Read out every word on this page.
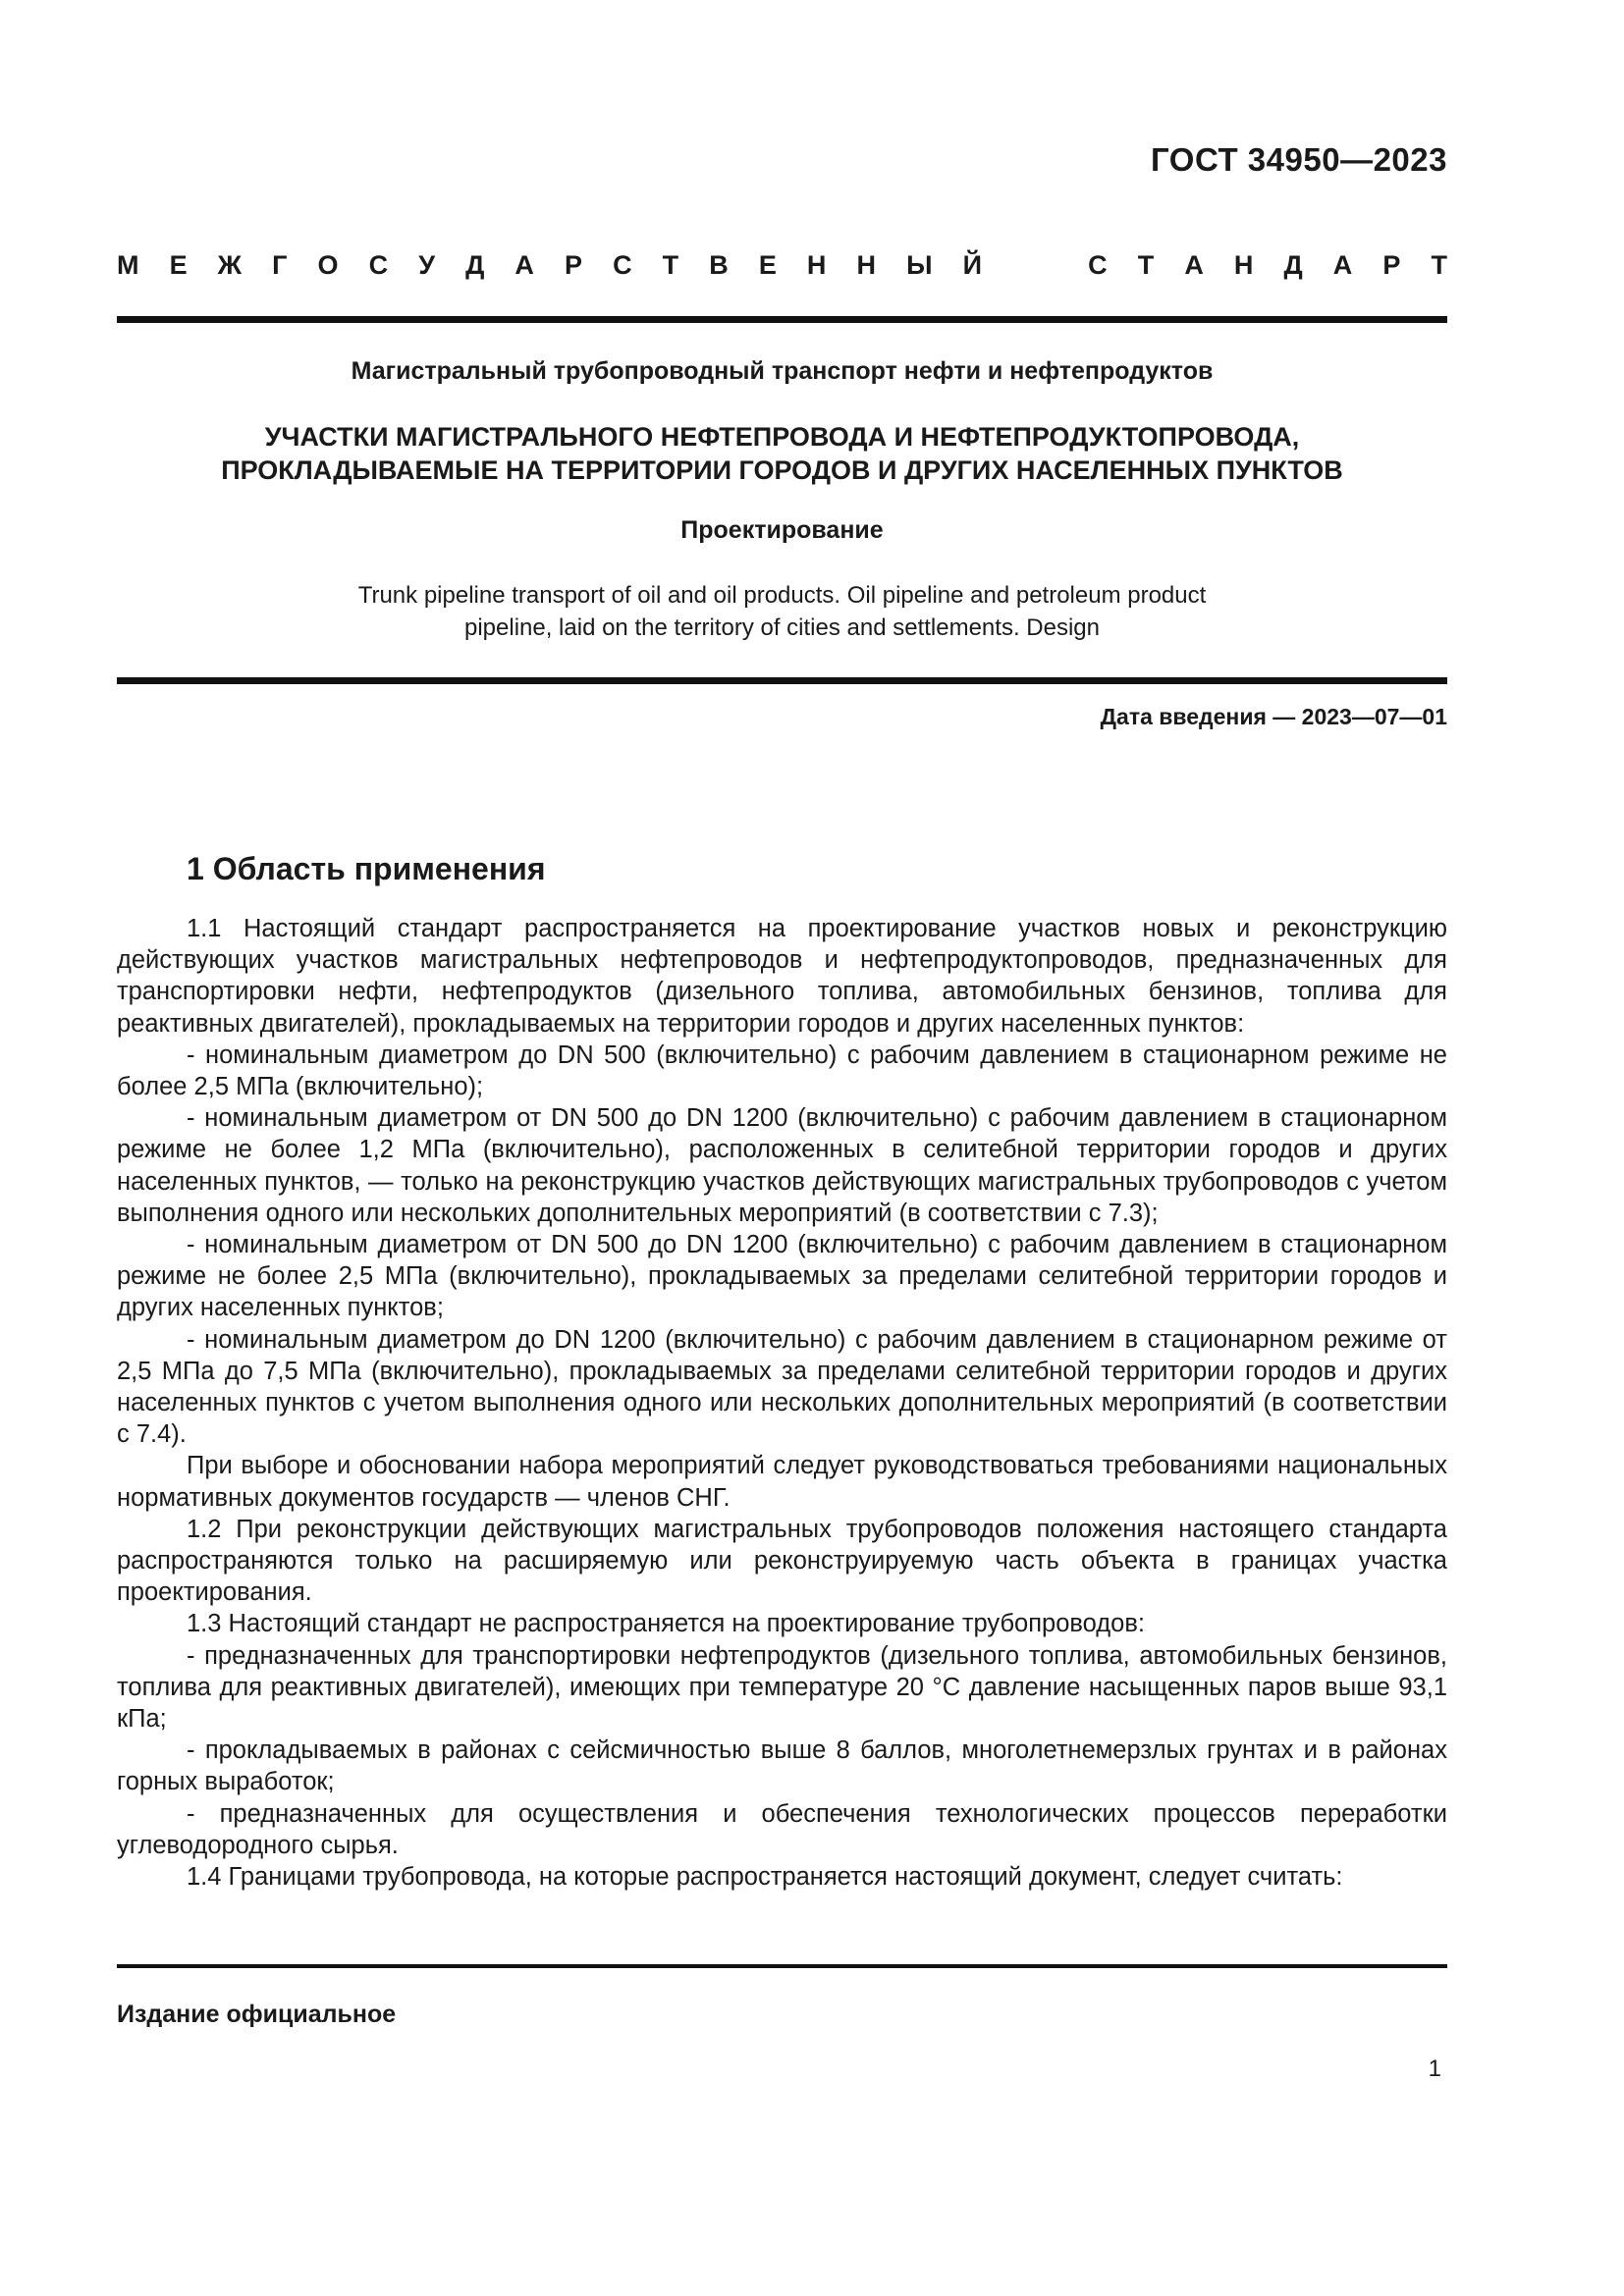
ГОСТ 34950—2023
М Е Ж Г О С У Д А Р С Т В Е Н Н Ы Й	С Т А Н Д А Р Т
Магистральный трубопроводный транспорт нефти и нефтепродуктов
УЧАСТКИ МАГИСТРАЛЬНОГО НЕФТЕПРОВОДА И НЕФТЕПРОДУКТОПРОВОДА,
ПРОКЛАДЫВАЕМЫЕ НА ТЕРРИТОРИИ ГОРОДОВ И ДРУГИХ НАСЕЛЕННЫХ ПУНКТОВ
Проектирование
Trunk pipeline transport of oil and oil products. Oil pipeline and petroleum product
pipeline, laid on the territory of cities and settlements. Design
Дата введения — 2023—07—01
1 Область применения

1.1 Настоящий стандарт распространяется на проектирование участков новых и реконструкцию действующих участков магистральных нефтепроводов и нефтепродуктопроводов, предназначенных для транспортировки нефти, нефтепродуктов (дизельного топлива, автомобильных бензинов, топлива для реактивных двигателей), прокладываемых на территории городов и других населенных пунктов:

- номинальным диаметром до DN 500 (включительно) с рабочим давлением в стационарном режиме не более 2,5 МПа (включительно);

- номинальным диаметром от DN 500 до DN 1200 (включительно) с рабочим давлением в стационарном режиме не более 1,2 МПа (включительно), расположенных в селитебной территории городов и других населенных пунктов, — только на реконструкцию участков действующих магистральных трубопроводов с учетом выполнения одного или нескольких дополнительных мероприятий (в соответствии с 7.3);

- номинальным диаметром от DN 500 до DN 1200 (включительно) с рабочим давлением в стационарном режиме не более 2,5 МПа (включительно), прокладываемых за пределами селитебной территории городов и других населенных пунктов;

- номинальным диаметром до DN 1200 (включительно) с рабочим давлением в стационарном режиме от 2,5 МПа до 7,5 МПа (включительно), прокладываемых за пределами селитебной территории городов и других населенных пунктов с учетом выполнения одного или нескольких дополнительных мероприятий (в соответствии с 7.4).

При выборе и обосновании набора мероприятий следует руководствоваться требованиями национальных нормативных документов государств — членов СНГ.

1.2 При реконструкции действующих магистральных трубопроводов положения настоящего стандарта распространяются только на расширяемую или реконструируемую часть объекта в границах участка проектирования.

1.3 Настоящий стандарт не распространяется на проектирование трубопроводов:

- предназначенных для транспортировки нефтепродуктов (дизельного топлива, автомобильных бензинов, топлива для реактивных двигателей), имеющих при температуре 20 °С давление насыщенных паров выше 93,1 кПа;

- прокладываемых в районах с сейсмичностью выше 8 баллов, многолетнемерзлых грунтах и в районах горных выработок;

- предназначенных для осуществления и обеспечения технологических процессов переработки углеводородного сырья.

1.4 Границами трубопровода, на которые распространяется настоящий документ, следует считать:

Издание официальное
1
